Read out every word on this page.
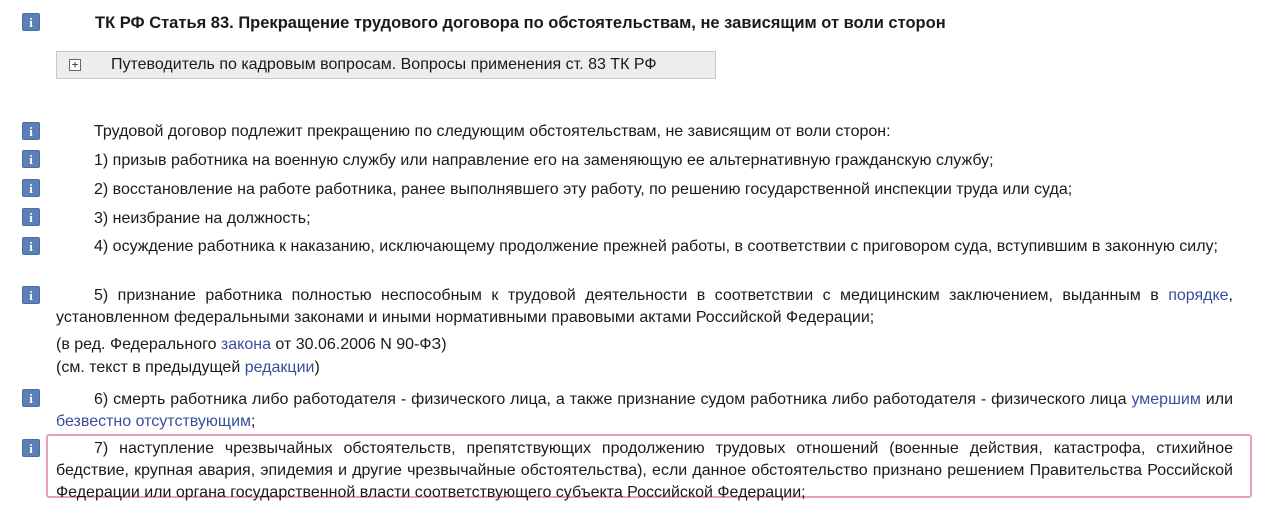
i
i
i
i
i
i
i
i
i
ТК РФ Статья 83. Прекращение трудового договора по обстоятельствам, не зависящим от воли сторон
+ Путеводитель по кадровым вопросам. Вопросы применения ст. 83 ТК РФ
Трудовой договор подлежит прекращению по следующим обстоятельствам, не зависящим от воли сторон:
1) призыв работника на военную службу или направление его на заменяющую ее альтернативную гражданскую службу;
2) восстановление на работе работника, ранее выполнявшего эту работу, по решению государственной инспекции труда или суда;
3) неизбрание на должность;
4) осуждение работника к наказанию, исключающему продолжение прежней работы, в соответствии с приговором суда, вступившим в законную силу;
5) признание работника полностью неспособным к трудовой деятельности в соответствии с медицинским заключением, выданным в порядке, установленном федеральными законами и иными нормативными правовыми актами Российской Федерации;
(в ред. Федерального закона от 30.06.2006 N 90-ФЗ)
(см. текст в предыдущей редакции)
6) смерть работника либо работодателя - физического лица, а также признание судом работника либо работодателя - физического лица умершим или безвестно отсутствующим;
7) наступление чрезвычайных обстоятельств, препятствующих продолжению трудовых отношений (военные действия, катастрофа, стихийное бедствие, крупная авария, эпидемия и другие чрезвычайные обстоятельства), если данное обстоятельство признано решением Правительства Российской Федерации или органа государственной власти соответствующего субъекта Российской Федерации;
